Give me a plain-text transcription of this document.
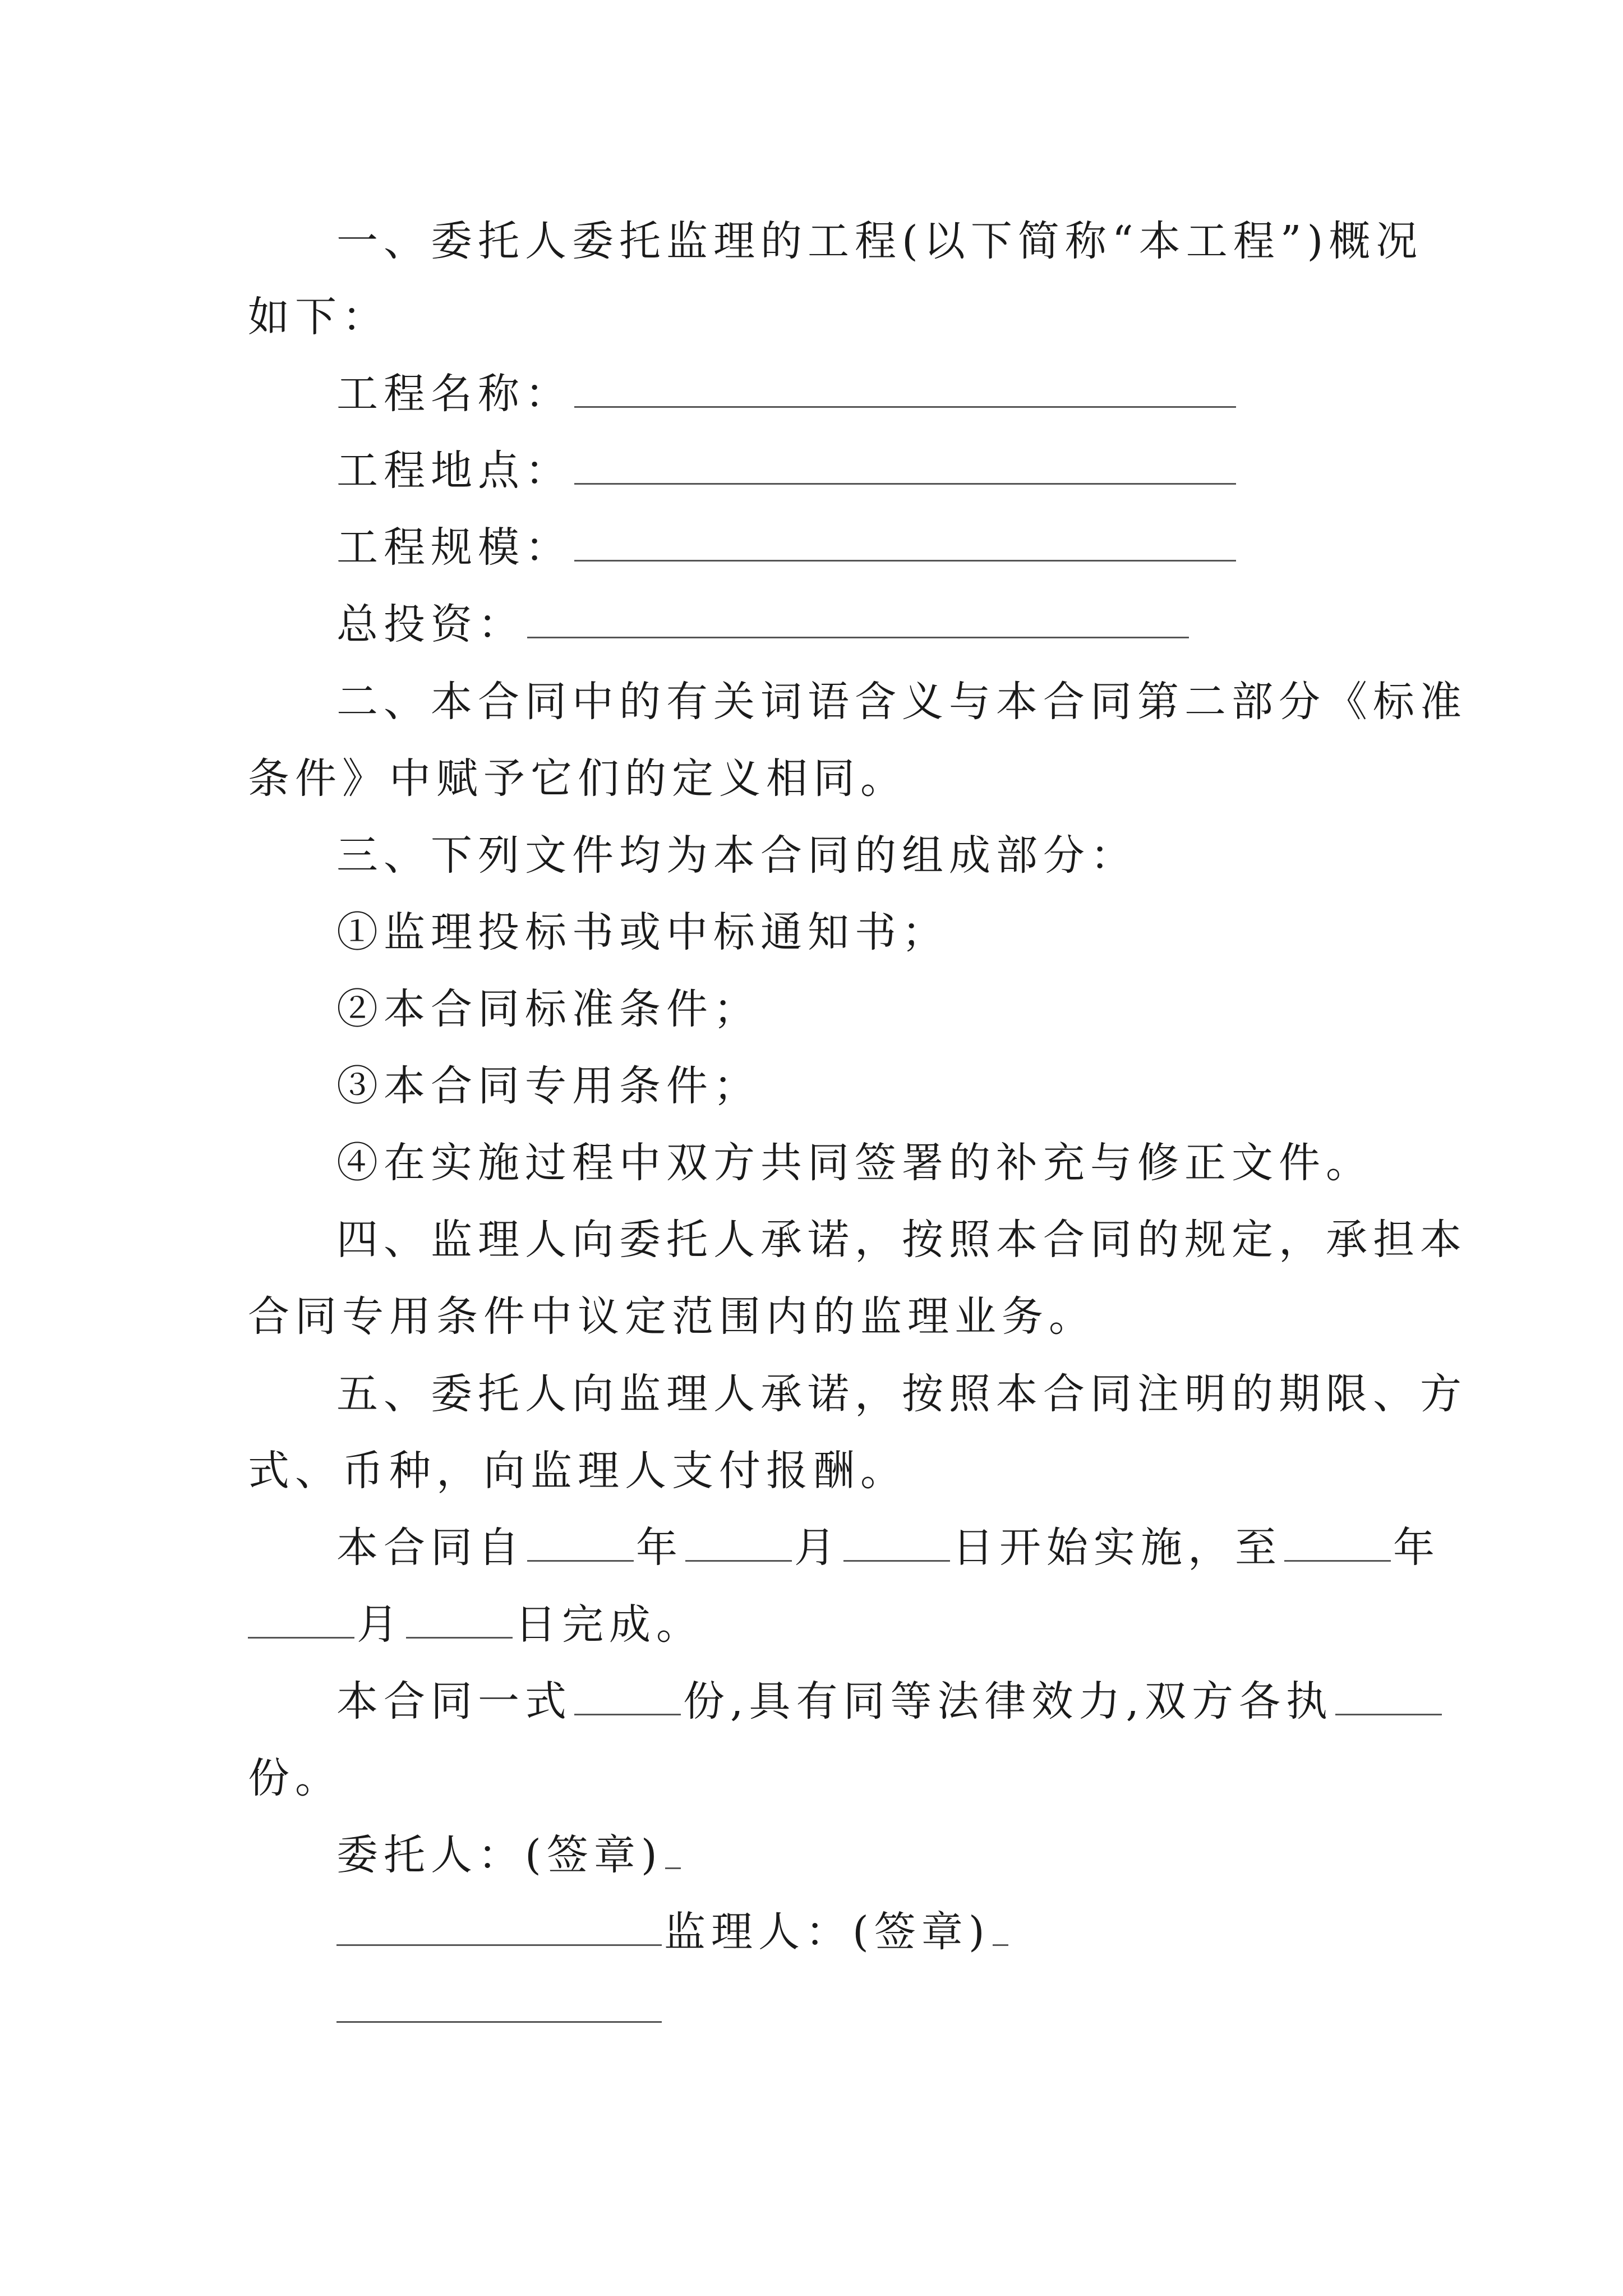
一、委托人委托监理的工程(以下简称“本工程”)概况
如下：
工程名称：
工程地点：
工程规模：
总投资：
二、本合同中的有关词语含义与本合同第二部分《标准
条件》中赋予它们的定义相同。
三、下列文件均为本合同的组成部分：
①监理投标书或中标通知书；
②本合同标准条件；
③本合同专用条件；
④在实施过程中双方共同签署的补充与修正文件。
四、监理人向委托人承诺，按照本合同的规定，承担本
合同专用条件中议定范围内的监理业务。
五、委托人向监理人承诺，按照本合同注明的期限、方
式、币种，向监理人支付报酬。
本合同自	年	月	日开始实施，至	年
月	日完成。
本合同一式	份,具有同等法律效力,双方各执
份。
委托人：(签章)
监理人：(签章)
